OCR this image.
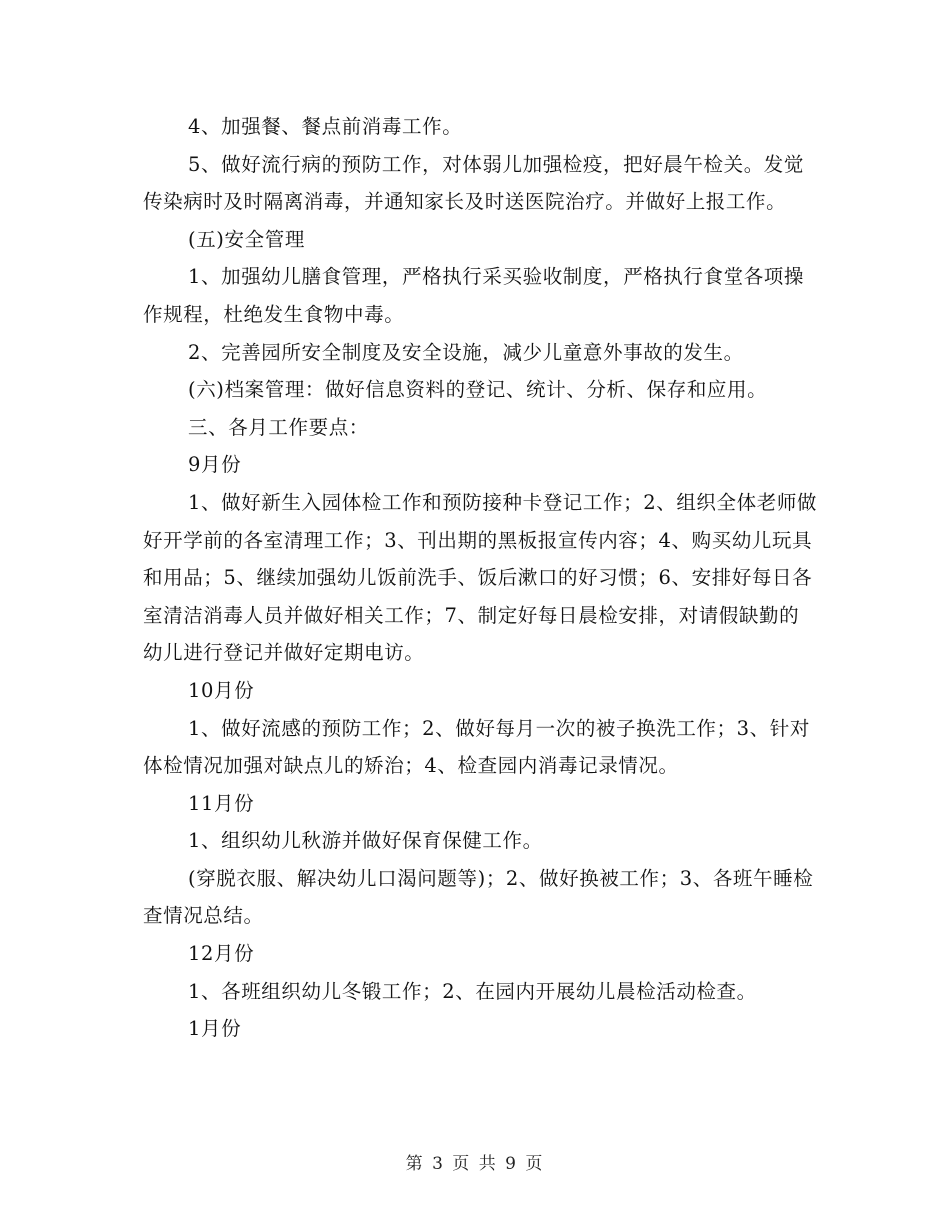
4、加强餐、餐点前消毒工作。

5、做好流行病的预防工作，对体弱儿加强检疫，把好晨午检关。发觉传染病时及时隔离消毒，并通知家长及时送医院治疗。并做好上报工作。

(五)安全管理

1、加强幼儿膳食管理，严格执行采买验收制度，严格执行食堂各项操作规程，杜绝发生食物中毒。

2、完善园所安全制度及安全设施，减少儿童意外事故的发生。

(六)档案管理：做好信息资料的登记、统计、分析、保存和应用。

三、各月工作要点：

9月份

1、做好新生入园体检工作和预防接种卡登记工作；2、组织全体老师做好开学前的各室清理工作；3、刊出期的黑板报宣传内容；4、购买幼儿玩具和用品；5、继续加强幼儿饭前洗手、饭后漱口的好习惯；6、安排好每日各室清洁消毒人员并做好相关工作；7、制定好每日晨检安排，对请假缺勤的幼儿进行登记并做好定期电访。

10月份

1、做好流感的预防工作；2、做好每月一次的被子换洗工作；3、针对体检情况加强对缺点儿的矫治；4、检查园内消毒记录情况。

11月份

1、组织幼儿秋游并做好保育保健工作。

(穿脱衣服、解决幼儿口渴问题等)；2、做好换被工作；3、各班午睡检查情况总结。

12月份

1、各班组织幼儿冬锻工作；2、在园内开展幼儿晨检活动检查。

1月份

第 3 页 共 9 页
